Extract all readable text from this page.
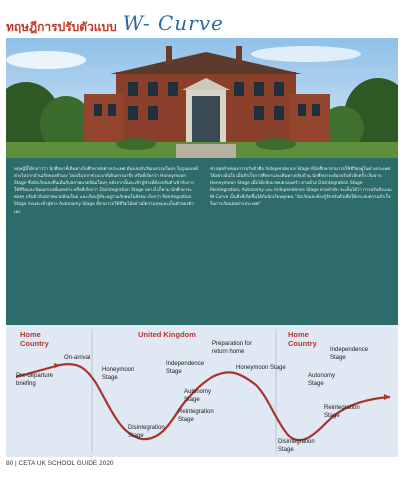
ทฤษฎีการปรับตัวแบบ W- Curve

ทฤษฎีนี้ได้กล่าวว่า นักศึกษาที่เดินทางไปศึกษาต่อต่างประเทศ ต้องเจอกับวัฒนธรรมใหม่ๆ ในรูปแบบที่ต่างไปจากบ้านเกิดของตัวเอง โดยเริ่มจากช่วงแรกที่เดินทางมาถึง หรือที่เรียกว่า Honeymoon Stage ซึ่งนักเรียนจะตื่นเต้นกับสภาพแวดล้อมใหม่ๆ หลังจากนั้นจะเข้าสู่ช่วงที่ต้องปรับตัวเข้ากับการใช้ชีวิตและวัฒนธรรมที่แตกต่าง หรือที่เรียกว่า Disintegration Stage อย่างไรก็ตาม นักศึกษาจะค่อยๆ ปรับตัวกับสภาพแวดล้อมใหม่ และเรียนรู้ที่จะอยู่ร่วมกับคนในสังคม เรียกว่า Reintegration Stage ก่อนจะเข้าสู่ช่วง Autonomy Stage ที่สามารถใช้ชีวิตได้อย่างมีความสุขและเป็นตัวของตัวเอง

ช่วงสุดท้ายของการปรับตัวคือ Independence Stage ที่นักศึกษาสามารถใช้ชีวิตอยู่ในต่างประเทศได้อย่างมั่นใจ เมื่อสำเร็จการศึกษาและเดินทางกลับบ้าน นักศึกษาจะต้องปรับตัวอีกครั้ง เริ่มจาก Honeymoon Stage เมื่อได้กลับมาพบครอบครัว ตามด้วย Disintegration Stage Reintegration, Autonomy และ Independence Stage ตามลำดับ จะเห็นได้ว่า การปรับตัวแบบ W-Curve เป็นสิ่งที่เกิดขึ้นได้กับนักเรียนทุกคน "นักเรียนจะต้องรู้จักปรับตัวเพื่อให้ประสบความสำเร็จในการเรียนต่อต่างประเทศ"

Home
Country
United Kingdom	Home
Country
On-arrival
Pre-departure
briefing
Honeymoon
Stage
Independence
Stage
Autonomy
Stage
Reintegration
Stage
Disintegration
Stage
Preparation for
return home
Honeymoon Stage
Independence
Stage
Autonomy
Stage
Reintegration
Stage
Disintegration
Stage
80 | CETA UK SCHOOL GUIDE 2020
